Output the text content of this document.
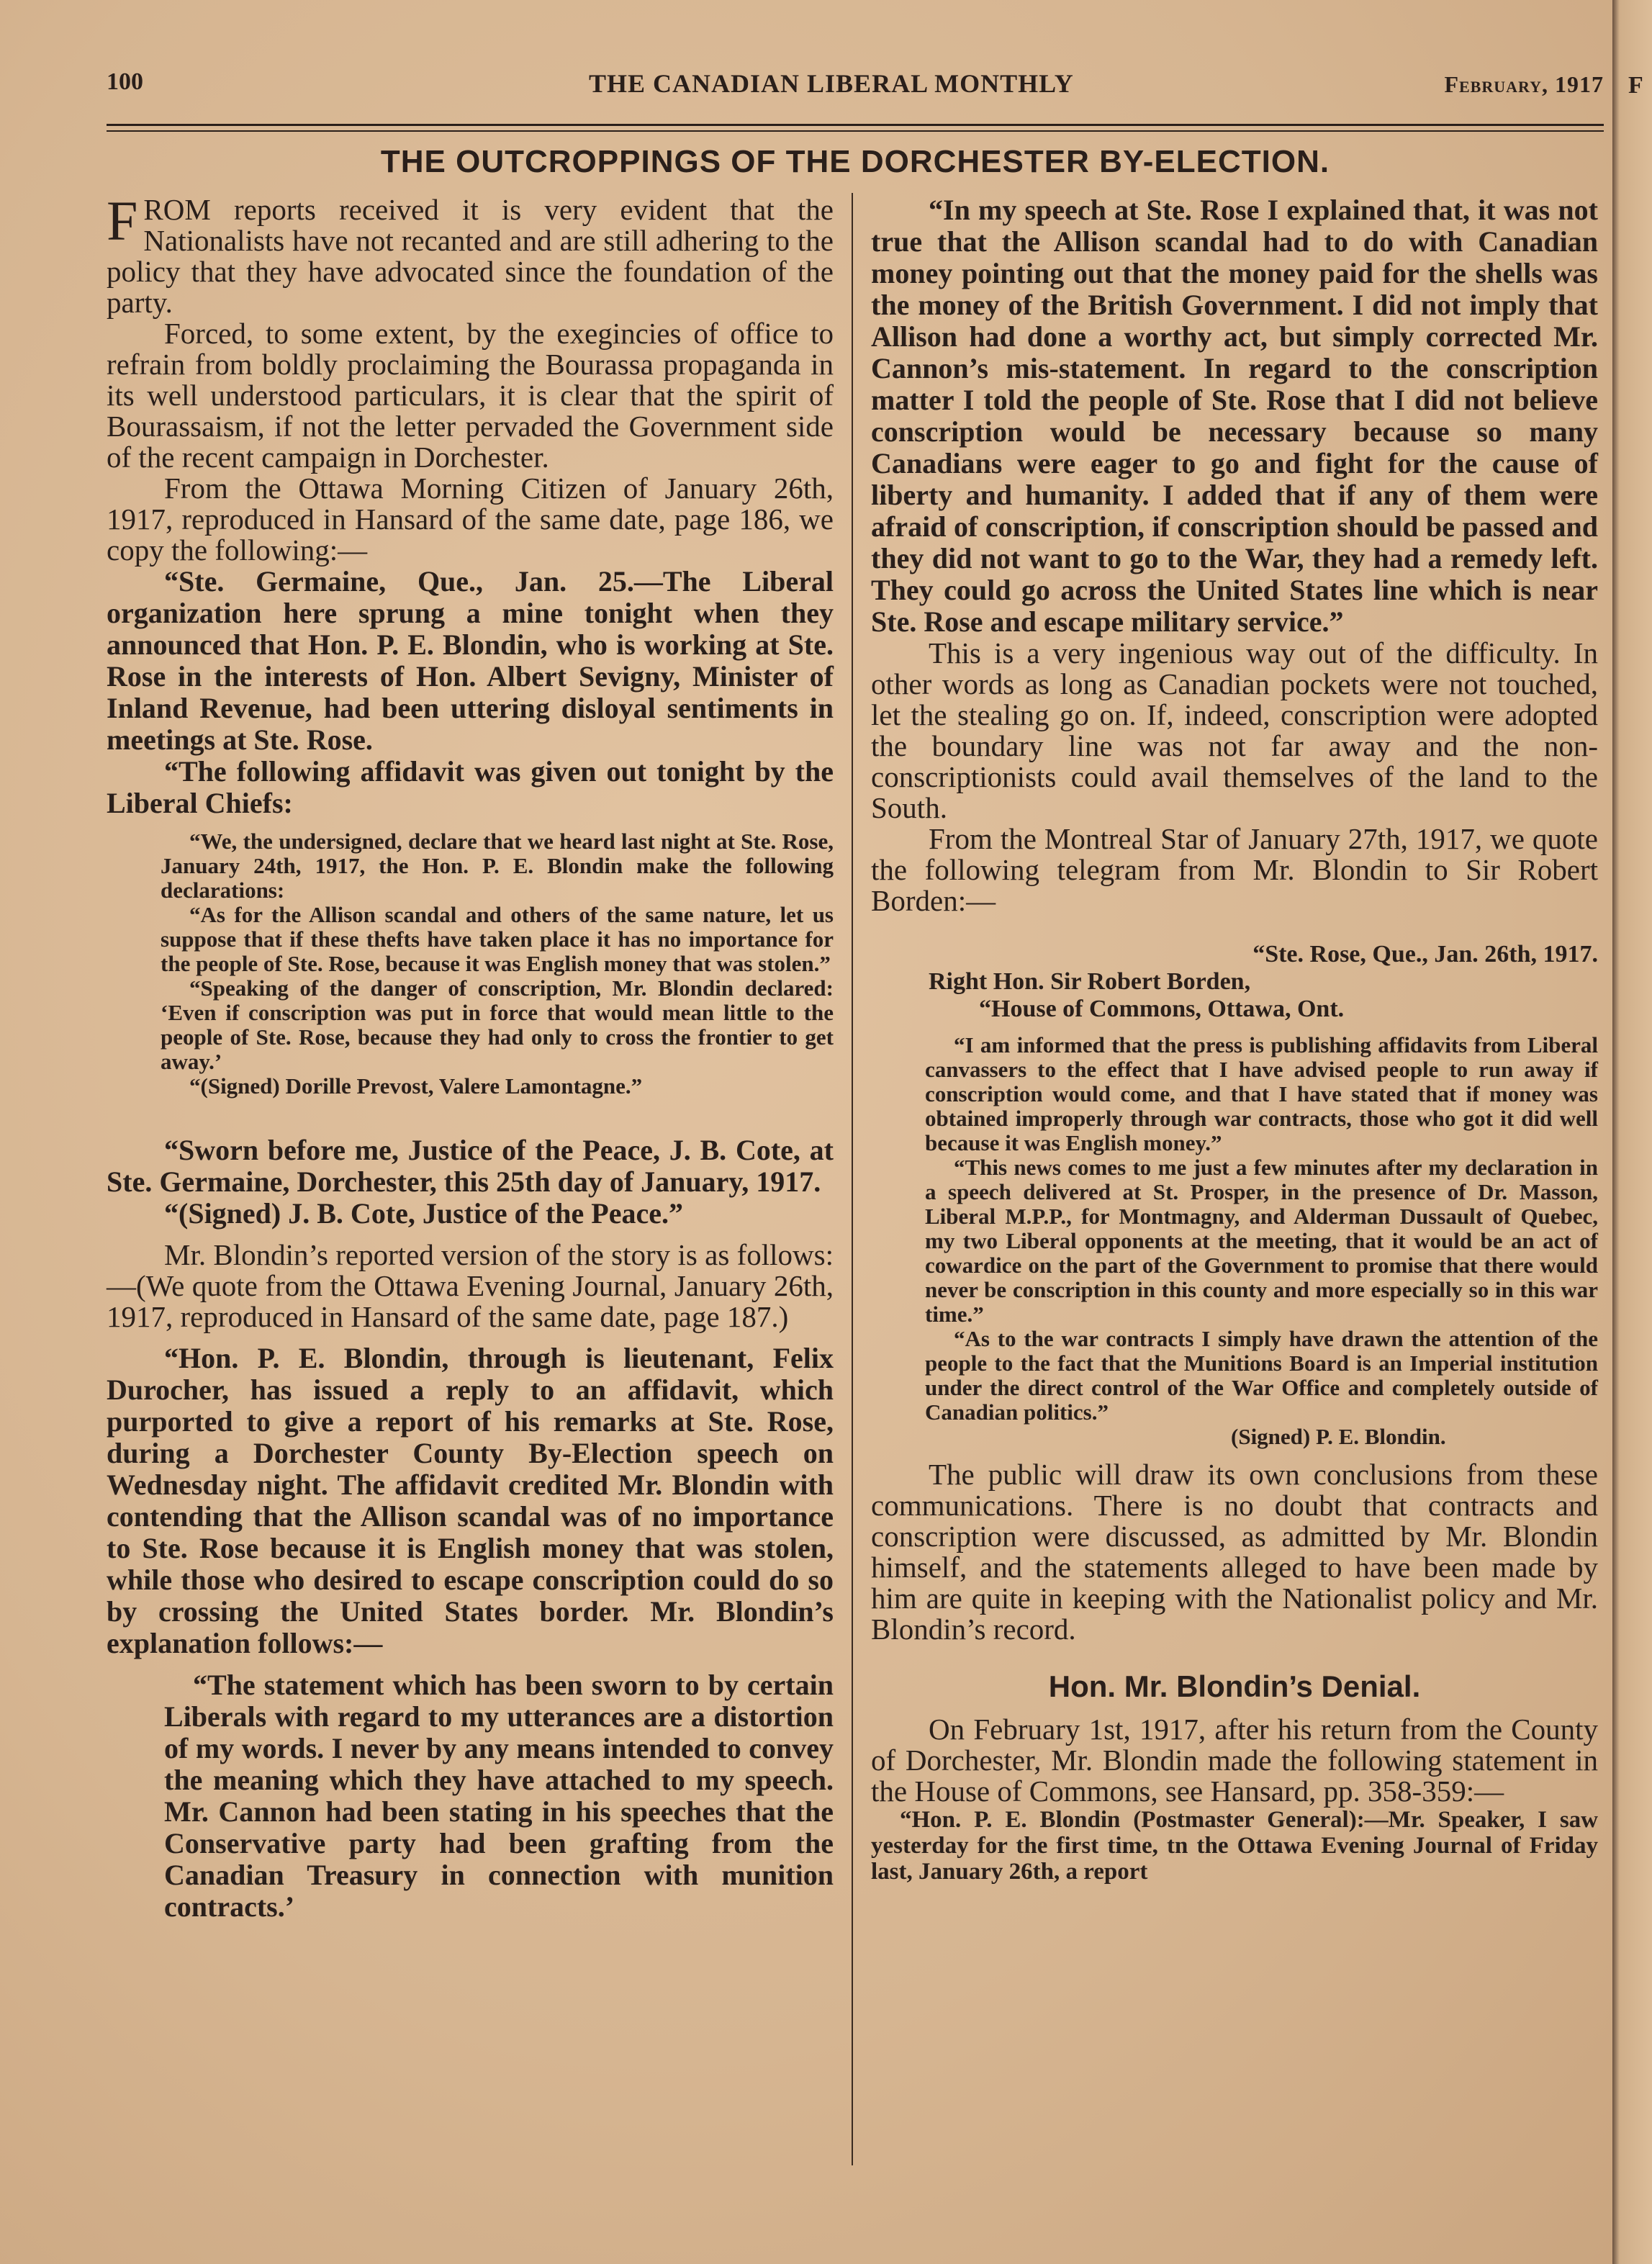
F
100	THE CANADIAN LIBERAL MONTHLY	February, 1917
THE OUTCROPPINGS OF THE DORCHESTER BY-ELECTION.

FROM reports received it is very evident that the Nationalists have not recanted and are still adhering to the policy that they have advocated since the foundation of the party.

Forced, to some extent, by the exegincies of office to refrain from boldly proclaiming the Bourassa propaganda in its well understood particulars, it is clear that the spirit of Bourassaism, if not the letter pervaded the Government side of the recent campaign in Dorchester.

From the Ottawa Morning Citizen of January 26th, 1917, reproduced in Hansard of the same date, page 186, we copy the following:—

“Ste. Germaine, Que., Jan. 25.—The Liberal organization here sprung a mine tonight when they announced that Hon. P. E. Blondin, who is working at Ste. Rose in the interests of Hon. Albert Sevigny, Minister of Inland Revenue, had been uttering disloyal sentiments in meetings at Ste. Rose.

“The following affidavit was given out tonight by the Liberal Chiefs:

“We, the undersigned, declare that we heard last night at Ste. Rose, January 24th, 1917, the Hon. P. E. Blondin make the following declarations:

“As for the Allison scandal and others of the same nature, let us suppose that if these thefts have taken place it has no importance for the people of Ste. Rose, because it was English money that was stolen.”

“Speaking of the danger of conscription, Mr. Blondin declared: ‘Even if conscription was put in force that would mean little to the people of Ste. Rose, because they had only to cross the frontier to get away.’

“(Signed) Dorille Prevost, Valere Lamontagne.”

“Sworn before me, Justice of the Peace, J. B. Cote, at Ste. Germaine, Dorchester, this 25th day of January, 1917.

“(Signed) J. B. Cote, Justice of the Peace.”

Mr. Blondin’s reported version of the story is as follows:—(We quote from the Ottawa Evening Journal, January 26th, 1917, reproduced in Hansard of the same date, page 187.)

“Hon. P. E. Blondin, through is lieutenant, Felix Durocher, has issued a reply to an affidavit, which purported to give a report of his remarks at Ste. Rose, during a Dorchester County By-Election speech on Wednesday night. The affidavit credited Mr. Blondin with contending that the Allison scandal was of no importance to Ste. Rose because it is English money that was stolen, while those who desired to escape conscription could do so by crossing the United States border. Mr. Blondin’s explanation follows:—

“The statement which has been sworn to by certain Liberals with regard to my utterances are a distortion of my words. I never by any means intended to convey the meaning which they have attached to my speech. Mr. Cannon had been stating in his speeches that the Conservative party had been grafting from the Canadian Treasury in connection with munition contracts.’

“In my speech at Ste. Rose I explained that, it was not true that the Allison scandal had to do with Canadian money pointing out that the money paid for the shells was the money of the British Government. I did not imply that Allison had done a worthy act, but simply corrected Mr. Cannon’s mis-statement. In regard to the conscription matter I told the people of Ste. Rose that I did not believe conscription would be necessary because so many Canadians were eager to go and fight for the cause of liberty and humanity. I added that if any of them were afraid of conscription, if conscription should be passed and they did not want to go to the War, they had a remedy left. They could go across the United States line which is near Ste. Rose and escape military service.”

This is a very ingenious way out of the difficulty. In other words as long as Canadian pockets were not touched, let the stealing go on. If, indeed, conscription were adopted the boundary line was not far away and the non-conscriptionists could avail themselves of the land to the South.

From the Montreal Star of January 27th, 1917, we quote the following telegram from Mr. Blondin to Sir Robert Borden:—

“Ste. Rose, Que., Jan. 26th, 1917.

Right Hon. Sir Robert Borden,

“House of Commons, Ottawa, Ont.

“I am informed that the press is publishing affidavits from Liberal canvassers to the effect that I have advised people to run away if conscription would come, and that I have stated that if money was obtained improperly through war contracts, those who got it did well because it was English money.”

“This news comes to me just a few minutes after my declaration in a speech delivered at St. Prosper, in the presence of Dr. Masson, Liberal M.P.P., for Montmagny, and Alderman Dussault of Quebec, my two Liberal opponents at the meeting, that it would be an act of cowardice on the part of the Government to promise that there would never be conscription in this county and more especially so in this war time.”

“As to the war contracts I simply have drawn the attention of the people to the fact that the Munitions Board is an Imperial institution under the direct control of the War Office and completely outside of Canadian politics.”

(Signed) P. E. Blondin.

The public will draw its own conclusions from these communications. There is no doubt that contracts and conscription were discussed, as admitted by Mr. Blondin himself, and the statements alleged to have been made by him are quite in keeping with the Nationalist policy and Mr. Blondin’s record.

Hon. Mr. Blondin’s Denial.

On February 1st, 1917, after his return from the County of Dorchester, Mr. Blondin made the following statement in the House of Commons, see Hansard, pp. 358-359:—

“Hon. P. E. Blondin (Postmaster General):—Mr. Speaker, I saw yesterday for the first time, tn the Ottawa Evening Journal of Friday last, January 26th, a report
